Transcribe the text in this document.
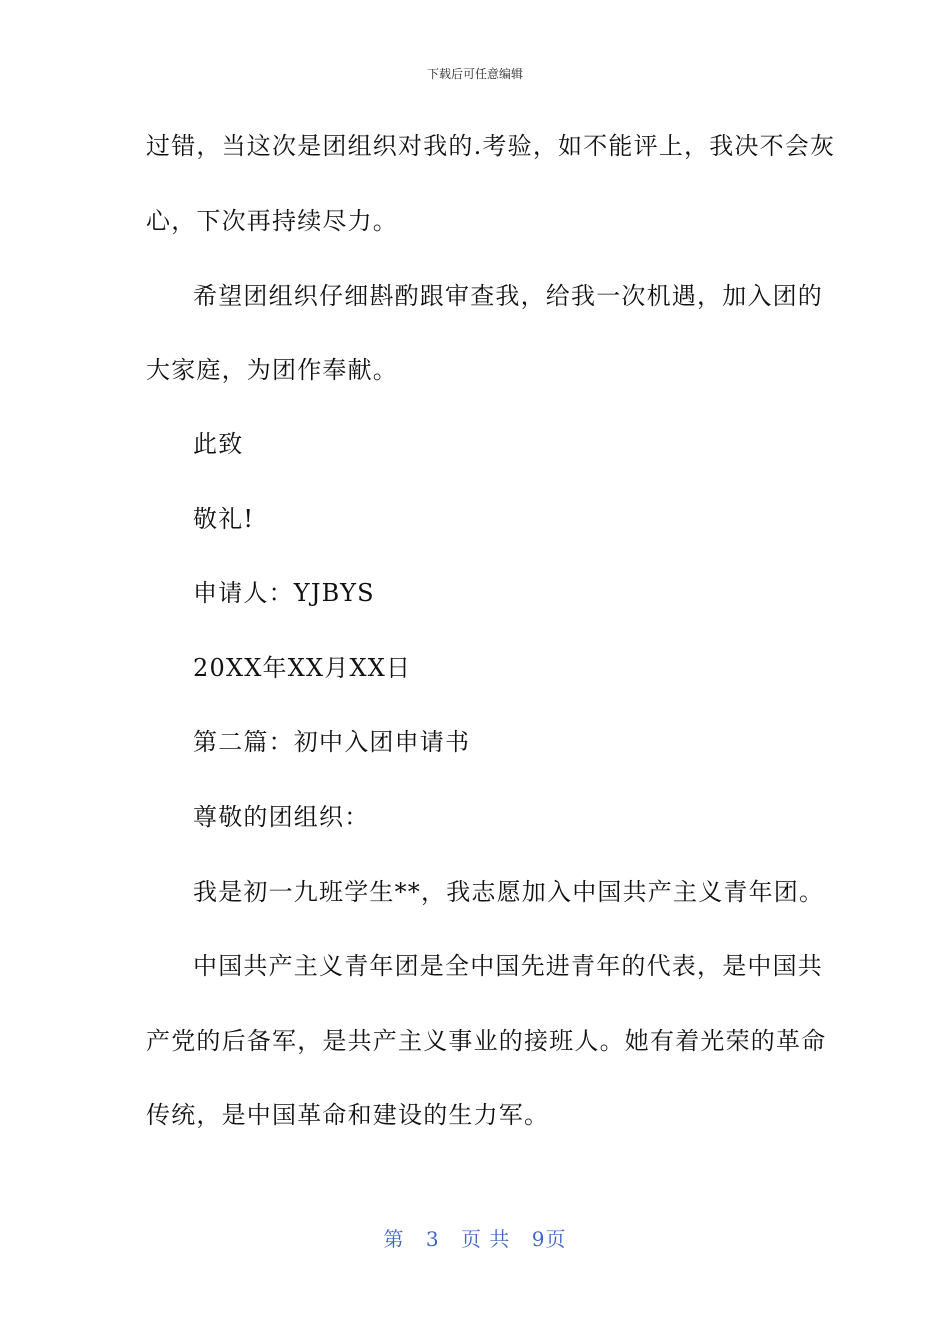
下载后可任意编辑

过错，当这次是团组织对我的.考验，如不能评上，我决不会灰

心，下次再持续尽力。

希望团组织仔细斟酌跟审查我，给我一次机遇，加入团的

大家庭，为团作奉献。

此致

敬礼!

申请人：YJBYS

20XX年XX月XX日

第二篇：初中入团申请书

尊敬的团组织：

我是初一九班学生**，我志愿加入中国共产主义青年团。

中国共产主义青年团是全中国先进青年的代表，是中国共

产党的后备军，是共产主义事业的接班人。她有着光荣的革命

传统，是中国革命和建设的生力军。

第 3 页 共 9页
